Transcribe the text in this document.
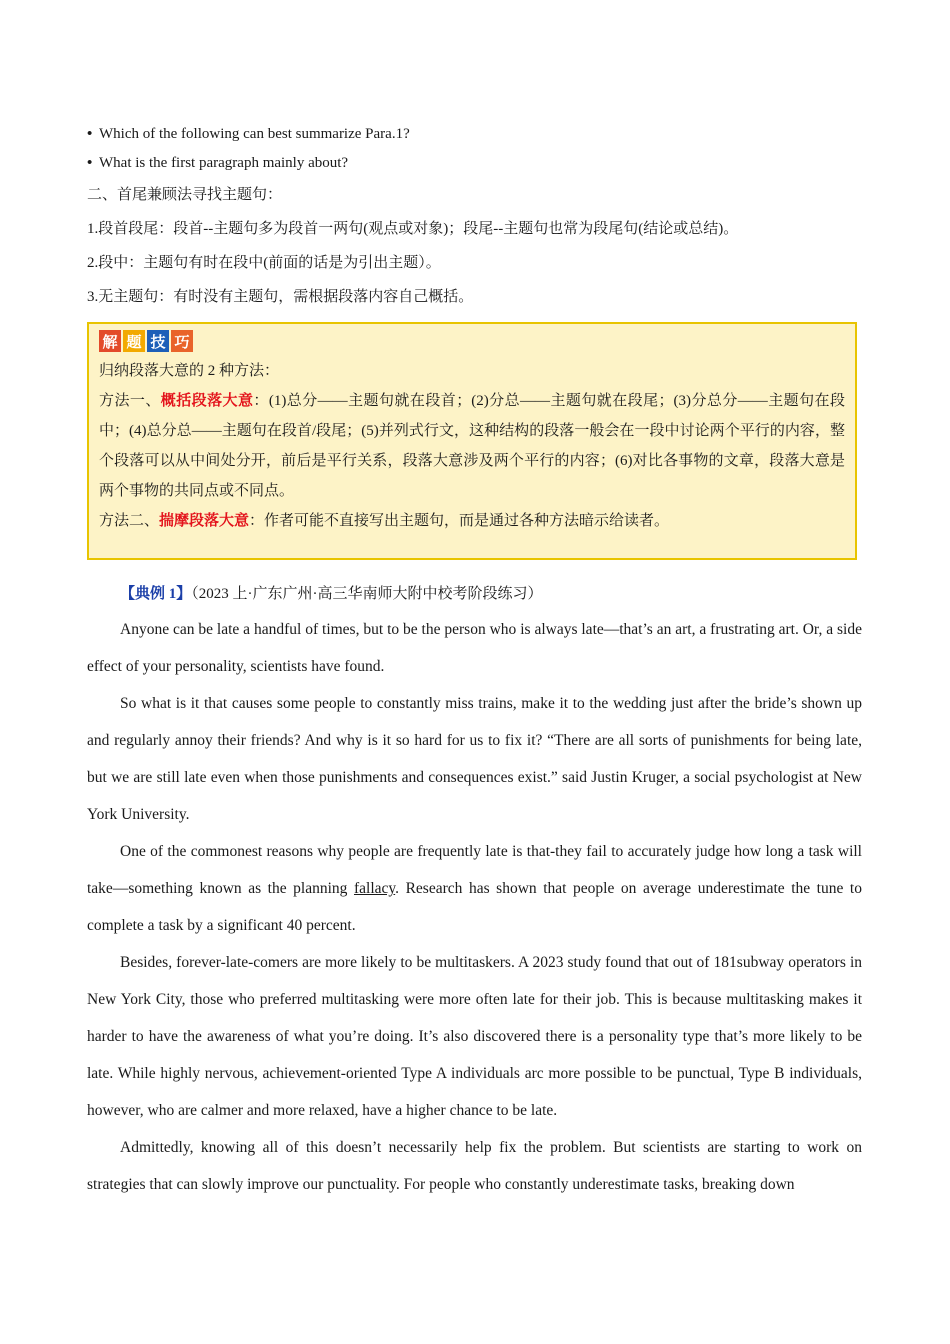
• Which of the following can best summarize Para.1?
• What is the first paragraph mainly about?
二、首尾兼顾法寻找主题句：
1.段首段尾：段首--主题句多为段首一两句(观点或对象)；段尾--主题句也常为段尾句(结论或总结)。
2.段中：主题句有时在段中(前面的话是为引出主题）。
3.无主题句：有时没有主题句，需根据段落内容自己概括。
解 题 技 巧
归纳段落大意的 2 种方法：
方法一、概括段落大意：(1)总分——主题句就在段首；(2)分总——主题句就在段尾；(3)分总分——主题句在段中；(4)总分总——主题句在段首/段尾；(5)并列式行文，这种结构的段落一般会在一段中讨论两个平行的内容，整个段落可以从中间处分开，前后是平行关系，段落大意涉及两个平行的内容；(6)对比各事物的文章，段落大意是两个事物的共同点或不同点。
方法二、揣摩段落大意：作者可能不直接写出主题句，而是通过各种方法暗示给读者。
【典例 1】（2023 上·广东广州·高三华南师大附中校考阶段练习）

Anyone can be late a handful of times, but to be the person who is always late—that’s an art, a frustrating art. Or, a side effect of your personality, scientists have found.

So what is it that causes some people to constantly miss trains, make it to the wedding just after the bride’s shown up and regularly annoy their friends? And why is it so hard for us to fix it? “There are all sorts of punishments for being late, but we are still late even when those punishments and consequences exist.” said Justin Kruger, a social psychologist at New York University.

One of the commonest reasons why people are frequently late is that-they fail to accurately judge how long a task will take—something known as the planning fallacy. Research has shown that people on average underestimate the tune to complete a task by a significant 40 percent.

Besides, forever-late-comers are more likely to be multitaskers. A 2023 study found that out of 181subway operators in New York City, those who preferred multitasking were more often late for their job. This is because multitasking makes it harder to have the awareness of what you’re doing. It’s also discovered there is a personality type that’s more likely to be late. While highly nervous, achievement-oriented Type A individuals arc more possible to be punctual, Type B individuals, however, who are calmer and more relaxed, have a higher chance to be late.

Admittedly, knowing all of this doesn’t necessarily help fix the problem. But scientists are starting to work on strategies that can slowly improve our punctuality. For people who constantly underestimate tasks, breaking down
